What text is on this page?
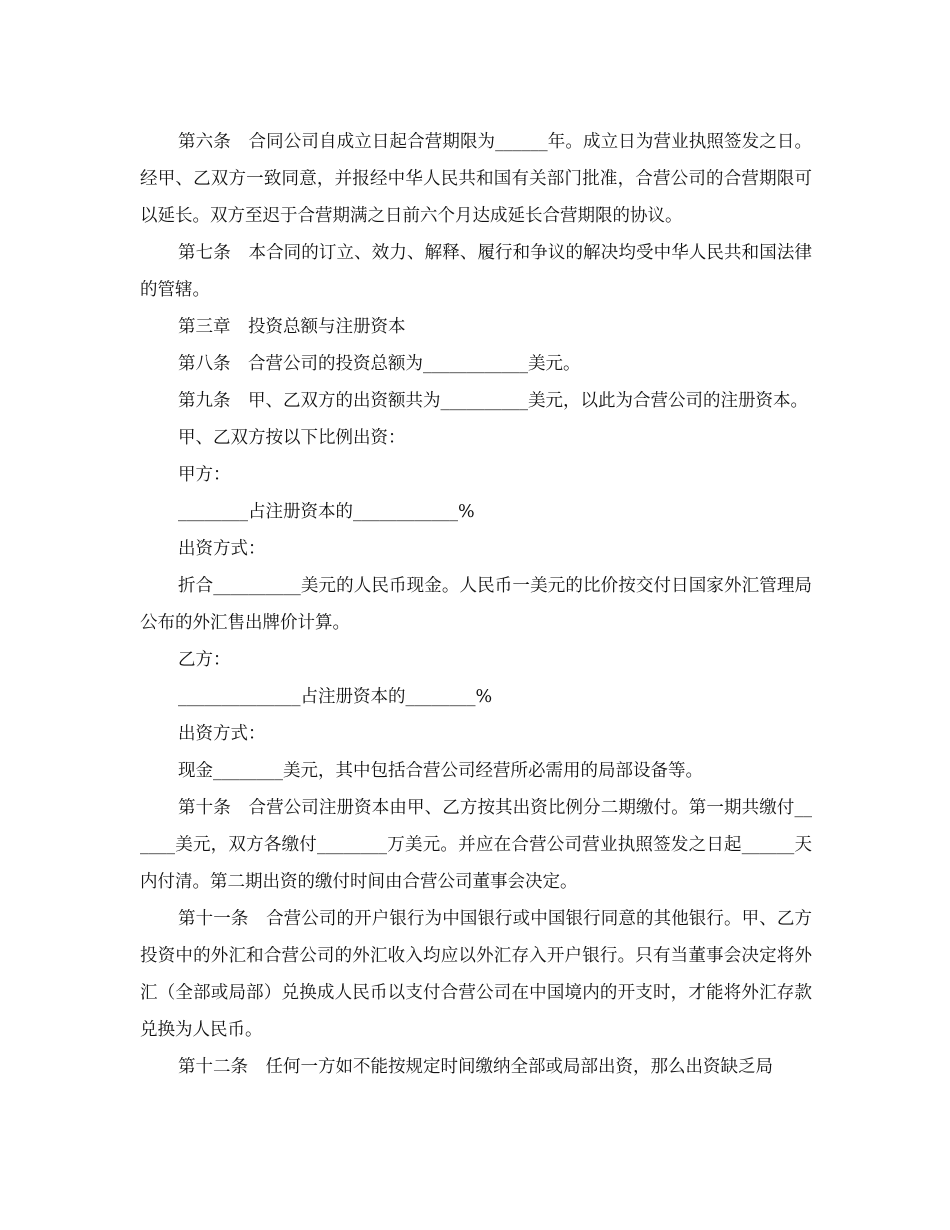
第六条　合同公司自成立日起合营期限为______年。成立日为营业执照签发之日。经甲、乙双方一致同意，并报经中华人民共和国有关部门批准，合营公司的合营期限可以延长。双方至迟于合营期满之日前六个月达成延长合营期限的协议。

第七条　本合同的订立、效力、解释、履行和争议的解决均受中华人民共和国法律的管辖。

第三章　投资总额与注册资本

第八条　合营公司的投资总额为____________美元。

第九条　甲、乙双方的出资额共为__________美元，以此为合营公司的注册资本。

甲、乙双方按以下比例出资：

甲方：

________占注册资本的____________%

出资方式：

折合__________美元的人民币现金。人民币一美元的比价按交付日国家外汇管理局公布的外汇售出牌价计算。

乙方：

______________占注册资本的________%

出资方式：

现金________美元，其中包括合营公司经营所必需用的局部设备等。

第十条　合营公司注册资本由甲、乙方按其出资比例分二期缴付。第一期共缴付______美元，双方各缴付________万美元。并应在合营公司营业执照签发之日起______天内付清。第二期出资的缴付时间由合营公司董事会决定。

第十一条　合营公司的开户银行为中国银行或中国银行同意的其他银行。甲、乙方投资中的外汇和合营公司的外汇收入均应以外汇存入开户银行。只有当董事会决定将外汇（全部或局部）兑换成人民币以支付合营公司在中国境内的开支时，才能将外汇存款兑换为人民币。

第十二条　任何一方如不能按规定时间缴纳全部或局部出资，那么出资缺乏局
